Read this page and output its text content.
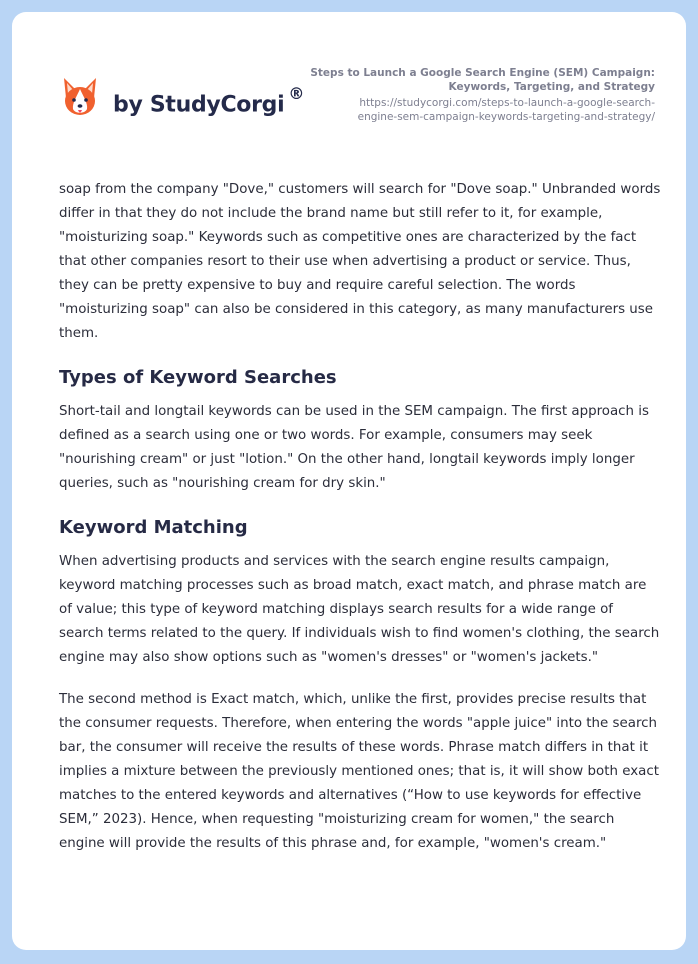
by StudyCorgi ®
Steps to Launch a Google Search Engine (SEM) Campaign: Keywords, Targeting, and Strategy
https://studycorgi.com/steps-to-launch-a-google-search-
engine-sem-campaign-keywords-targeting-and-strategy/

soap from the company "Dove," customers will search for "Dove soap." Unbranded words differ in that they do not include the brand name but still refer to it, for example, "moisturizing soap." Keywords such as competitive ones are characterized by the fact that other companies resort to their use when advertising a product or service. Thus, they can be pretty expensive to buy and require careful selection. The words "moisturizing soap" can also be considered in this category, as many manufacturers use them.

Types of Keyword Searches

Short-tail and longtail keywords can be used in the SEM campaign. The first approach is defined as a search using one or two words. For example, consumers may seek "nourishing cream" or just "lotion." On the other hand, longtail keywords imply longer queries, such as "nourishing cream for dry skin."

Keyword Matching

When advertising products and services with the search engine results campaign, keyword matching processes such as broad match, exact match, and phrase match are of value; this type of keyword matching displays search results for a wide range of search terms related to the query. If individuals wish to find women's clothing, the search engine may also show options such as "women's dresses" or "women's jackets."

The second method is Exact match, which, unlike the first, provides precise results that the consumer requests. Therefore, when entering the words "apple juice" into the search bar, the consumer will receive the results of these words. Phrase match differs in that it implies a mixture between the previously mentioned ones; that is, it will show both exact matches to the entered keywords and alternatives (“How to use keywords for effective SEM,” 2023). Hence, when requesting "moisturizing cream for women," the search engine will provide the results of this phrase and, for example, "women's cream."
